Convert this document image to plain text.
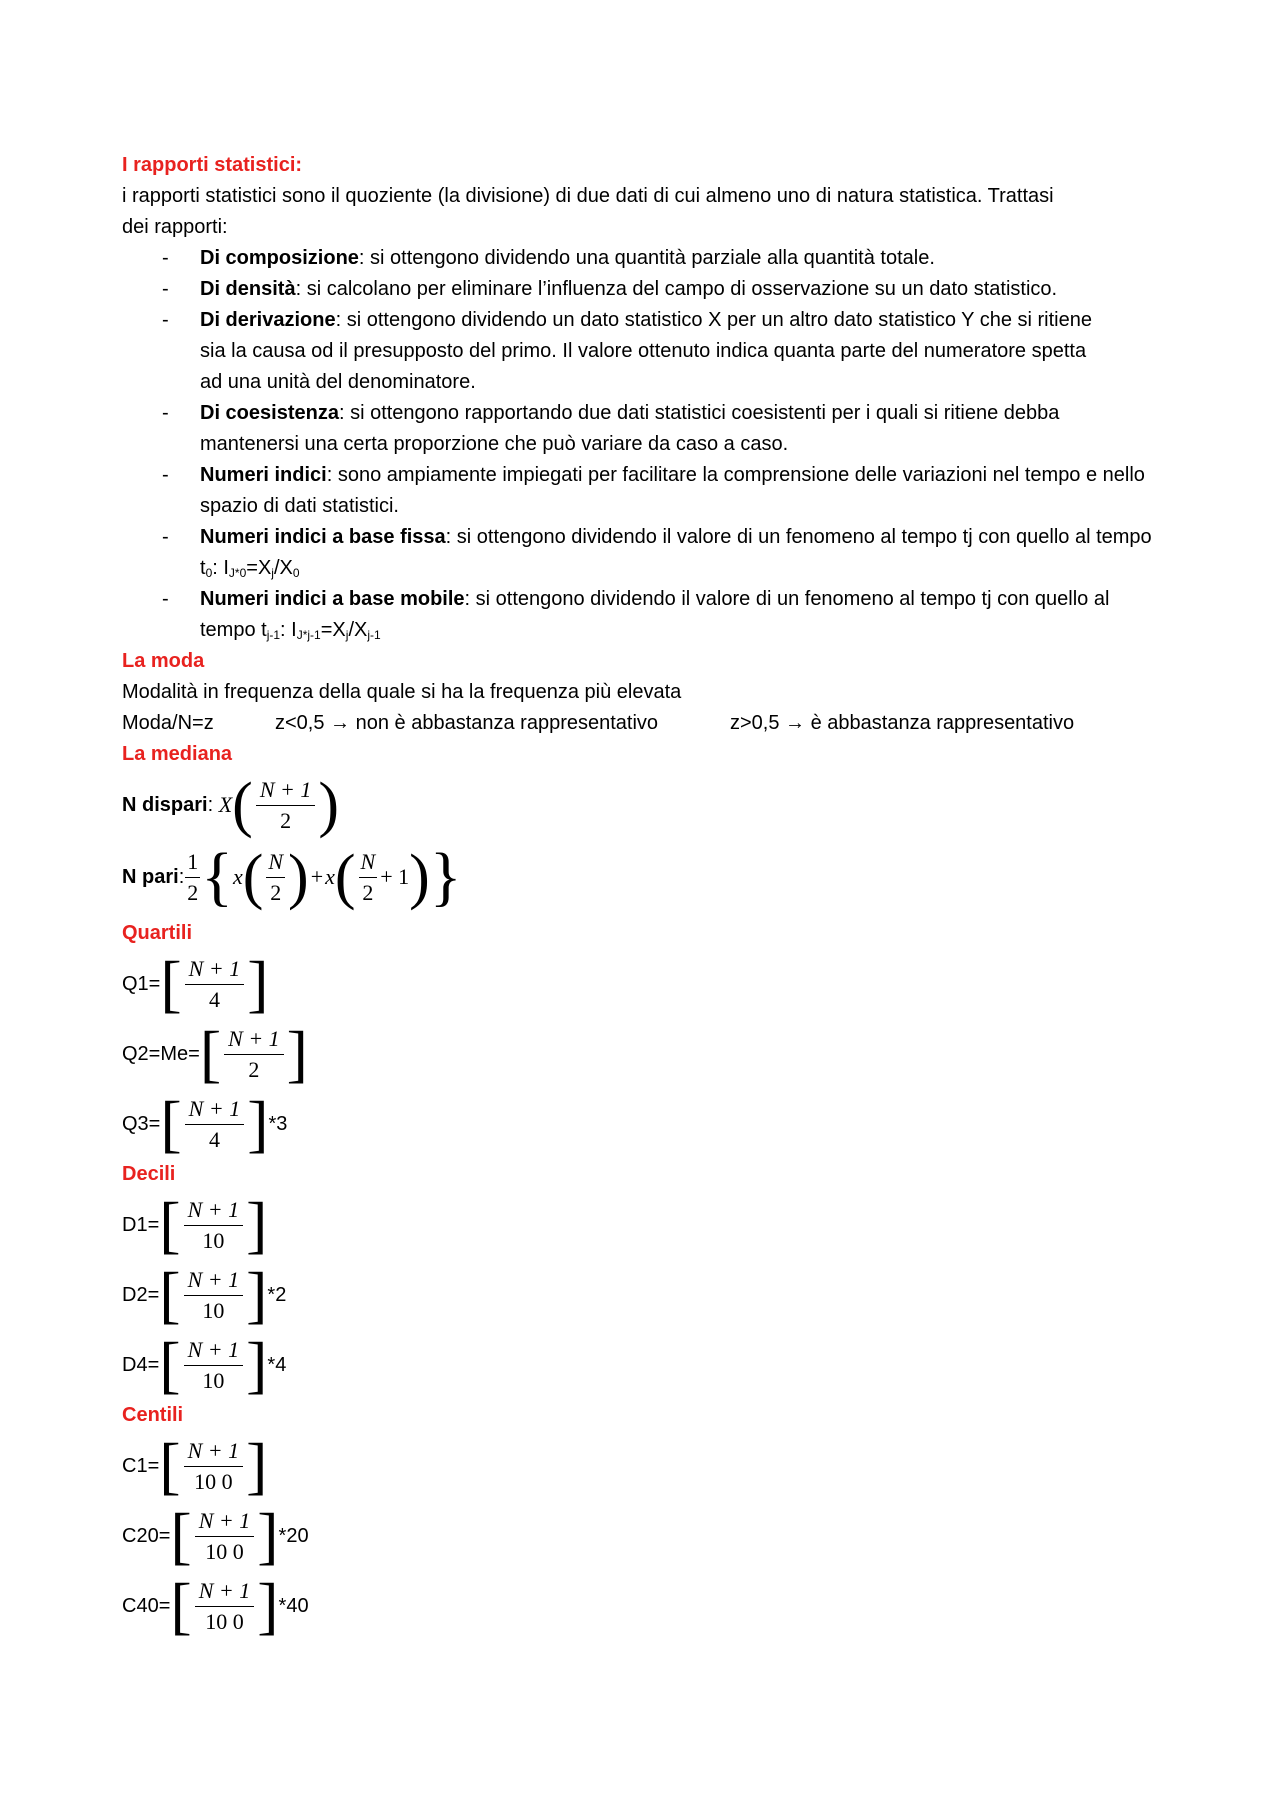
I rapporti statistici:
i rapporti statistici sono il quoziente (la divisione) di due dati di cui almeno uno di natura statistica. Trattasi
dei rapporti:
- Di composizione: si ottengono dividendo una quantità parziale alla quantità totale.
- Di densità: si calcolano per eliminare l’influenza del campo di osservazione su un dato statistico.
- Di derivazione: si ottengono dividendo un dato statistico X per un altro dato statistico Y che si ritiene sia la causa od il presupposto del primo. Il valore ottenuto indica quanta parte del numeratore spetta ad una unità del denominatore.
- Di coesistenza: si ottengono rapportando due dati statistici coesistenti per i quali si ritiene debba mantenersi una certa proporzione che può variare da caso a caso.
- Numeri indici: sono ampiamente impiegati per facilitare la comprensione delle variazioni nel tempo e nello spazio di dati statistici.
- Numeri indici a base fissa: si ottengono dividendo il valore di un fenomeno al tempo tj con quello al tempo $t_0$: $I_{J*0}=X_j/X_0$
- Numeri indici a base mobile: si ottengono dividendo il valore di un fenomeno al tempo tj con quello al tempo $t_{j-1}$: $I_{J*j-1}=X_j/X_{j-1}$
La moda
Modalità in frequenza della quale si ha la frequenza più elevata
Moda/N=z	z<0,5 → non è abbastanza rappresentativo	z>0,5 → è abbastanza rappresentativo
La mediana
N dispari : X ( $\frac{N + 1}{2}$ )
N pari : $\frac{1}{2}$ { x ( $\frac{N}{2}$ ) + x ( $\frac{N}{2} + 1$ ) }
Quartili
Q1= [ $\frac{N + 1}{4}$ ]
Q2=Me= [ $\frac{N + 1}{2}$ ]
Q3= [ $\frac{N + 1}{4}$ ] *3
Decili
D1= [ $\frac{N + 1}{10}$ ]
D2= [ $\frac{N + 1}{10}$ ] *2
D4= [ $\frac{N + 1}{10}$ ] *4
Centili
C1= [ $\frac{N + 1}{10 0}$ ]
C20= [ $\frac{N + 1}{10 0}$ ] *20
C40= [ $\frac{N + 1}{10 0}$ ] *40
